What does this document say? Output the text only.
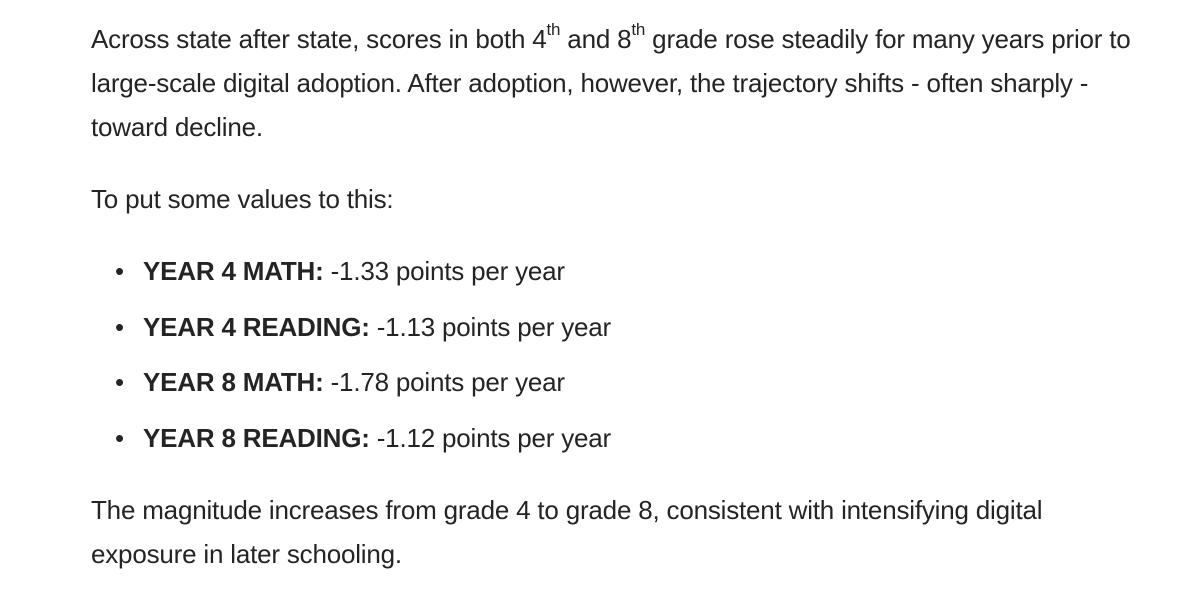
Across state after state, scores in both 4th and 8th grade rose steadily for many years prior to large-scale digital adoption. After adoption, however, the trajectory shifts - often sharply - toward decline.

To put some values to this:

• YEAR 4 MATH: -1.33 points per year
• YEAR 4 READING: -1.13 points per year
• YEAR 8 MATH: -1.78 points per year
• YEAR 8 READING: -1.12 points per year

The magnitude increases from grade 4 to grade 8, consistent with intensifying digital exposure in later schooling.
